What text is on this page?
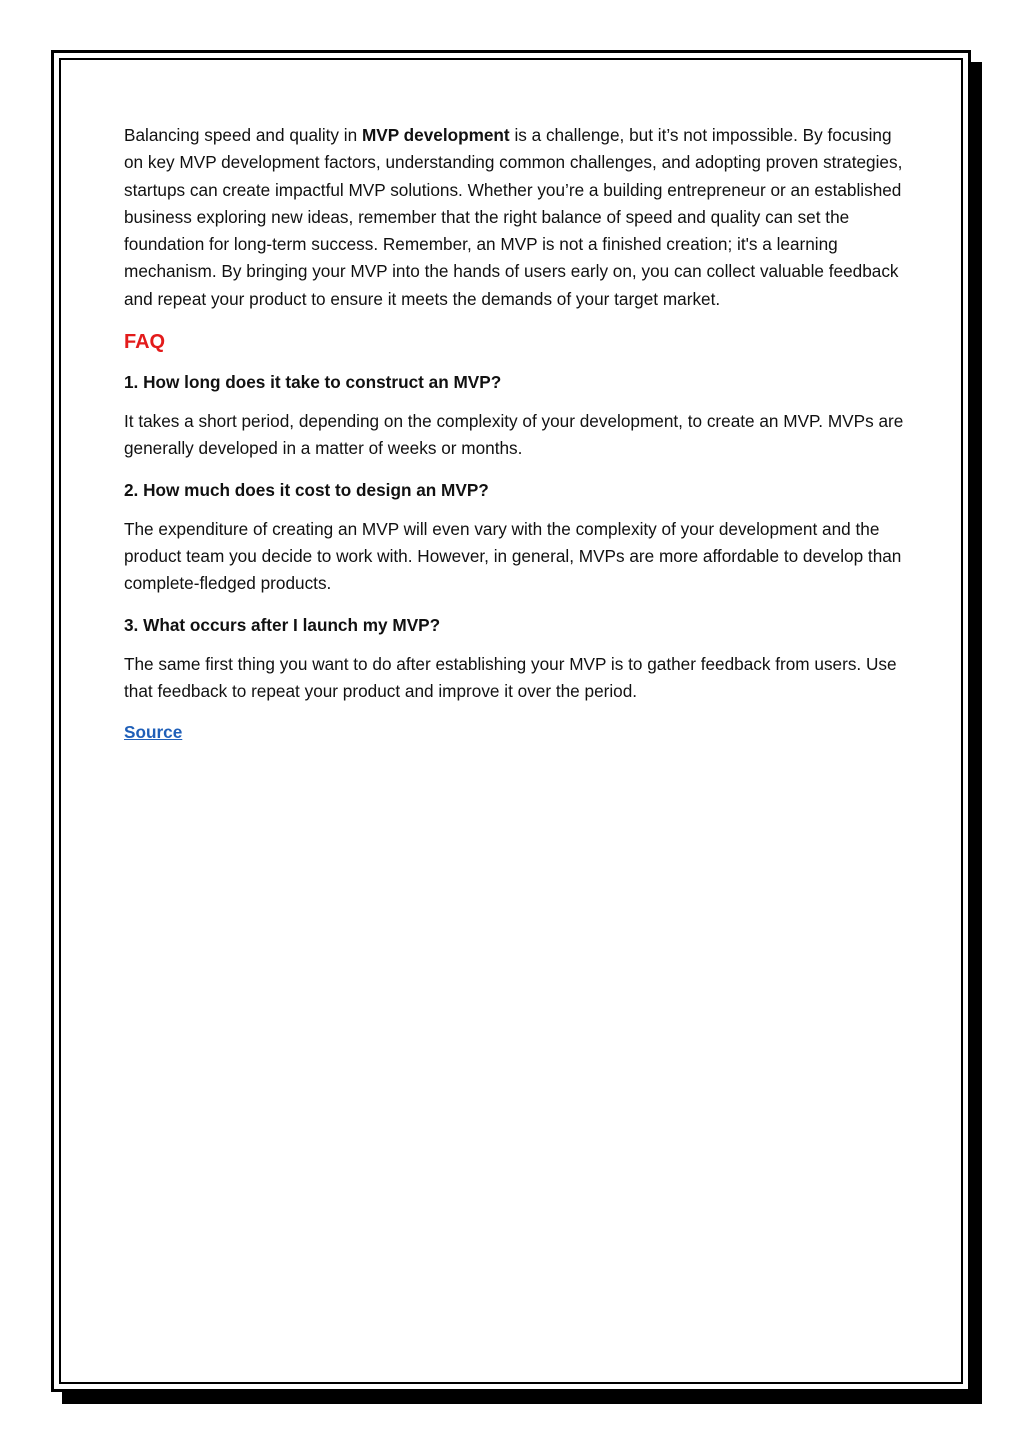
Balancing speed and quality in MVP development is a challenge, but it’s not impossible. By focusing on key MVP development factors, understanding common challenges, and adopting proven strategies, startups can create impactful MVP solutions. Whether you’re a building entrepreneur or an established business exploring new ideas, remember that the right balance of speed and quality can set the foundation for long-term success. Remember, an MVP is not a finished creation; it's a learning mechanism. By bringing your MVP into the hands of users early on, you can collect valuable feedback and repeat your product to ensure it meets the demands of your target market.

FAQ
1. How long does it take to construct an MVP?

It takes a short period, depending on the complexity of your development, to create an MVP. MVPs are generally developed in a matter of weeks or months.

2. How much does it cost to design an MVP?

The expenditure of creating an MVP will even vary with the complexity of your development and the product team you decide to work with. However, in general, MVPs are more affordable to develop than complete-fledged products.

3. What occurs after I launch my MVP?

The same first thing you want to do after establishing your MVP is to gather feedback from users. Use that feedback to repeat your product and improve it over the period.

Source
